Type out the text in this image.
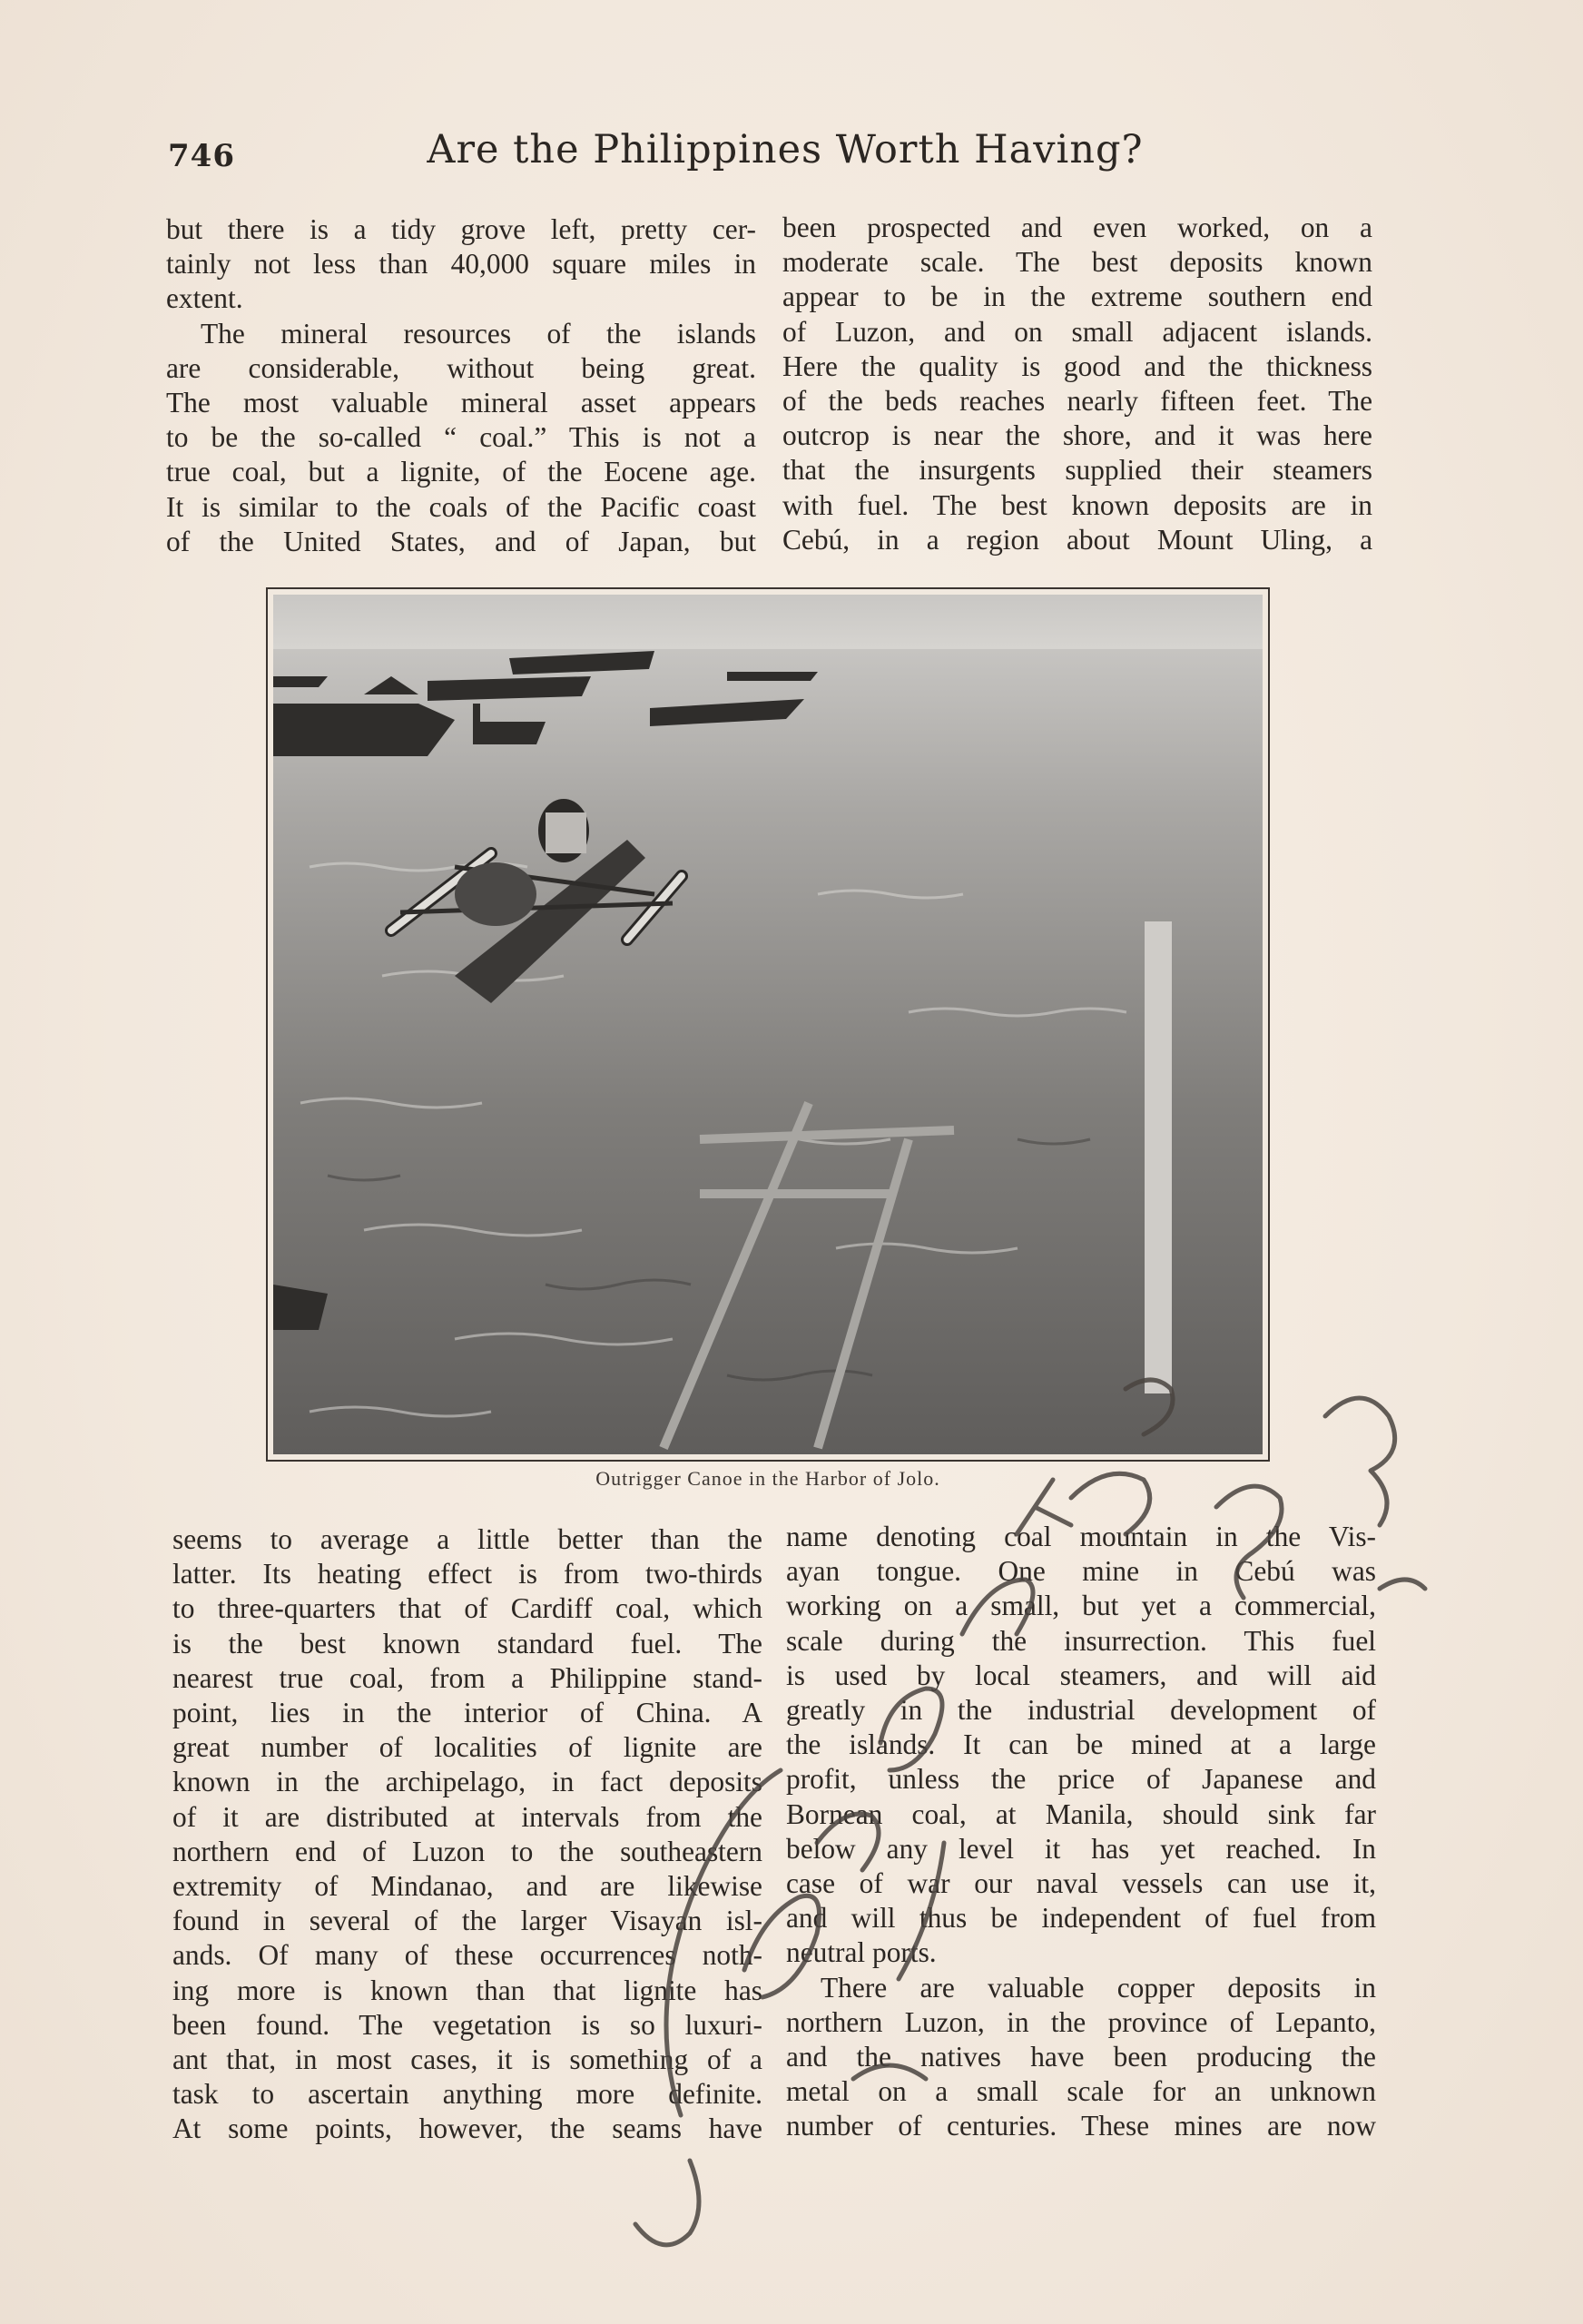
746	Are the Philippines Worth Having?

but there is a tidy grove left, pretty cer-
tainly not less than 40,000 square miles in
extent.

The mineral resources of the islands
are considerable, without being great.
The most valuable mineral asset appears
to be the so-called “ coal.” This is not a
true coal, but a lignite, of the Eocene age.
It is similar to the coals of the Pacific coast
of the United States, and of Japan, but

been prospected and even worked, on a
moderate scale. The best deposits known
appear to be in the extreme southern end
of Luzon, and on small adjacent islands.
Here the quality is good and the thickness
of the beds reaches nearly fifteen feet. The
outcrop is near the shore, and it was here
that the insurgents supplied their steamers
with fuel. The best known deposits are in
Cebú, in a region about Mount Uling, a

Outrigger Canoe in the Harbor of Jolo.

seems to average a little better than the
latter. Its heating effect is from two-thirds
to three-quarters that of Cardiff coal, which
is the best known standard fuel. The
nearest true coal, from a Philippine stand-
point, lies in the interior of China. A
great number of localities of lignite are
known in the archipelago, in fact deposits
of it are distributed at intervals from the
northern end of Luzon to the southeastern
extremity of Mindanao, and are likewise
found in several of the larger Visayan isl-
ands. Of many of these occurrences noth-
ing more is known than that lignite has
been found. The vegetation is so luxuri-
ant that, in most cases, it is something of a
task to ascertain anything more definite.
At some points, however, the seams have

name denoting coal mountain in the Vis-
ayan tongue. One mine in Cebú was
working on a small, but yet a commercial,
scale during the insurrection. This fuel
is used by local steamers, and will aid
greatly in the industrial development of
the islands. It can be mined at a large
profit, unless the price of Japanese and
Bornean coal, at Manila, should sink far
below any level it has yet reached. In
case of war our naval vessels can use it,
and will thus be independent of fuel from
neutral ports.

There are valuable copper deposits in
northern Luzon, in the province of Lepanto,
and the natives have been producing the
metal on a small scale for an unknown
number of centuries. These mines are now
